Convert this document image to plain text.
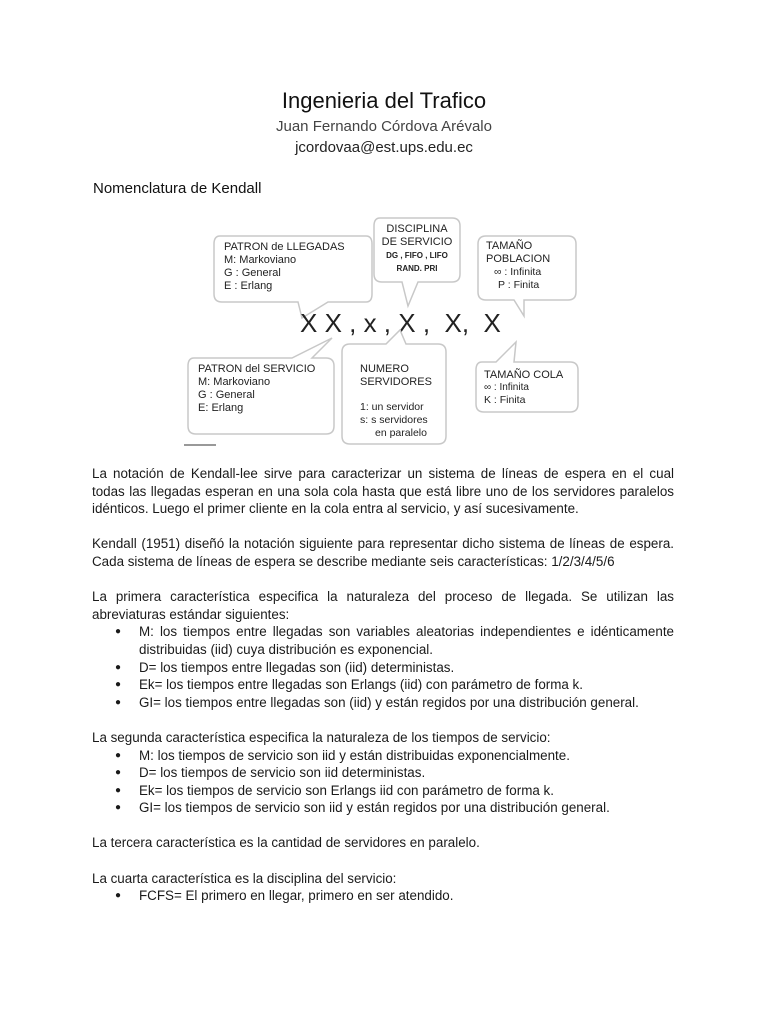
Ingenieria del Trafico
Juan Fernando Córdova Arévalo
jcordovaa@est.ups.edu.ec
Nomenclatura de Kendall
PATRON de LLEGADAS
M: Markoviano
G : General
E : Erlang
DISCIPLINA
DE SERVICIO
DG , FIFO , LIFO
RAND. PRI
TAMAÑO
POBLACION
∞ : Infinita
P : Finita
X X , x , X ,  X,  X
PATRON del SERVICIO
M: Markoviano
G : General
E: Erlang
NUMERO
SERVIDORES
1: un servidor
s: s servidores
en paralelo
TAMAÑO COLA
∞ : Infinita
K : Finita

La notación de Kendall-lee sirve para caracterizar un sistema de líneas de espera en el cual todas las llegadas esperan en una sola cola hasta que está libre uno de los servidores paralelos idénticos. Luego el primer cliente en la cola entra al servicio, y así sucesivamente.

Kendall (1951) diseñó la notación siguiente para representar dicho sistema de líneas de espera. Cada sistema de líneas de espera se describe mediante seis características: 1/2/3/4/5/6

La primera característica especifica la naturaleza del proceso de llegada. Se utilizan las abreviaturas estándar siguientes:

● M: los tiempos entre llegadas son variables aleatorias independientes e idénticamente distribuidas (iid) cuya distribución es exponencial.
● D= los tiempos entre llegadas son (iid) deterministas.
● Ek= los tiempos entre llegadas son Erlangs (iid) con parámetro de forma k.
● GI= los tiempos entre llegadas son (iid) y están regidos por una distribución general.

La segunda característica especifica la naturaleza de los tiempos de servicio:

● M: los tiempos de servicio son iid y están distribuidas exponencialmente.
● D= los tiempos de servicio son iid deterministas.
● Ek= los tiempos de servicio son Erlangs iid con parámetro de forma k.
● GI= los tiempos de servicio son iid y están regidos por una distribución general.

La tercera característica es la cantidad de servidores en paralelo.

La cuarta característica es la disciplina del servicio:

● FCFS= El primero en llegar, primero en ser atendido.
